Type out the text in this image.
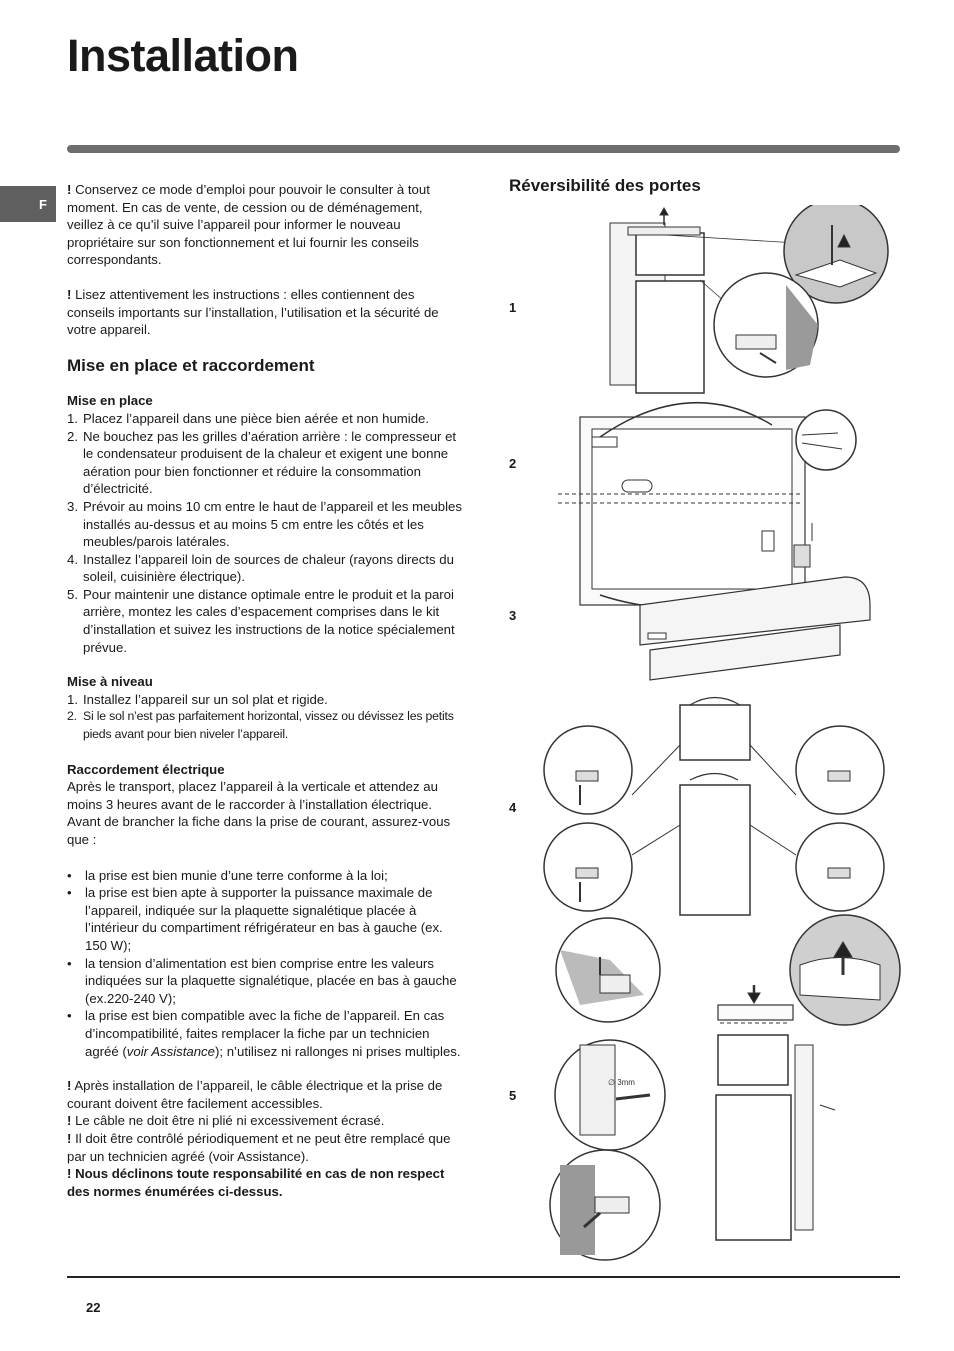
Installation
F

! Conservez ce mode d’emploi pour pouvoir le consulter à tout moment. En cas de vente, de cession ou de déménagement, veillez à ce qu’il suive l’appareil pour informer le nouveau propriétaire sur son fonctionnement et lui fournir les conseils correspondants.

! Lisez attentivement les instructions : elles contiennent des conseils importants sur l’installation, l’utilisation et la sécurité de votre appareil.

Mise en place et raccordement
Mise en place
1. Placez l’appareil dans une pièce bien aérée et non humide.
2. Ne bouchez pas les grilles d’aération arrière : le compresseur et le condensateur produisent de la chaleur et exigent une bonne aération pour bien fonctionner et réduire la consommation d’électricité.
3. Prévoir au moins 10 cm entre le haut de l’appareil et les meubles installés au-dessus et au moins 5 cm entre les côtés et les meubles/parois latérales.
4. Installez l’appareil loin de sources de chaleur (rayons directs du soleil, cuisinière électrique).
5. Pour maintenir une distance optimale entre le produit et la paroi arrière, montez les cales d’espacement comprises dans le kit d’installation et suivez les instructions de la notice spécialement prévue.
Mise à niveau
1. Installez l’appareil sur un sol plat et rigide.
2. Si le sol n’est pas parfaitement horizontal, vissez ou dévissez les petits pieds avant pour bien niveler l’appareil.
Raccordement électrique

Après le transport, placez l’appareil à la verticale et attendez au moins 3 heures avant de le raccorder à l’installation électrique. Avant de brancher la fiche dans la prise de courant, assurez-vous que :

• la prise est bien munie d’une terre conforme à la loi;
• la prise est bien apte à supporter la puissance maximale de l’appareil, indiquée sur la plaquette signalétique placée à l’intérieur du compartiment réfrigérateur en bas à gauche (ex. 150 W);
• la tension d’alimentation est bien comprise entre les valeurs indiquées sur la plaquette signalétique, placée en bas à gauche (ex.220-240 V);
• la prise est bien compatible avec la fiche de l’appareil. En cas d’incompatibilité, faites remplacer la fiche par un technicien agréé (voir Assistance); n’utilisez ni rallonges ni prises multiples.

! Après installation de l’appareil, le câble électrique et la prise de courant doivent être facilement accessibles.

! Le câble ne doit être ni plié ni excessivement écrasé.

! Il doit être contrôlé périodiquement et ne peut être remplacé que par un technicien agréé (voir Assistance).

! Nous déclinons toute responsabilité en cas de non respect des normes énumérées ci-dessus.

Réversibilité des portes
1
2
3
4
5
∅ 3mm
22
